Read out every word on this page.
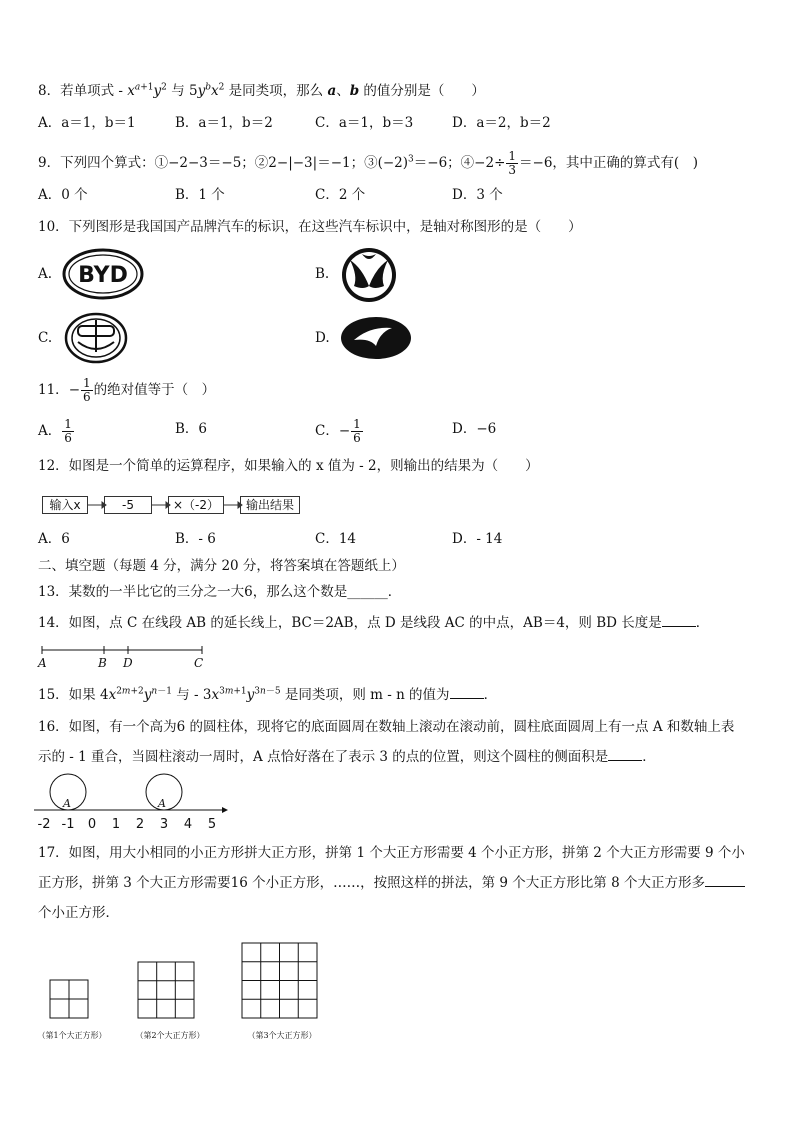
8．若单项式 - $x^{a+1}y^2$ 与 $5y^bx^2$ 是同类项，那么 a、b 的值分别是（　　）
A．a＝1，b＝1	B．a＝1，b＝2	C．a＝1，b＝3	D．a＝2，b＝2
9．下列四个算式：①−2−3＝−5；②2−|−3|＝−1；$③(-2)^3=-6$；④−2÷ $\frac{1}{3} =-6$，其中正确的算式有(　)
A．0 个	B．1 个	C．2 个	D．3 个
10．下列图形是我国国产品牌汽车的标识，在这些汽车标识中，是轴对称图形的是（　　）
A.	B.
C.	D.
BYD
11．− $\frac{1}{6}$ 的绝对值等于（　）
A． $\frac{1}{6}$	B．6	C．− $\frac{1}{6}$	D．−6
12．如图是一个简单的运算程序，如果输入的 x 值为 - 2，则输出的结果为（　　）
输入x	-5	×（-2）	输出结果
A．6	B．- 6	C．14	D．- 14
二、填空题（每题 4 分，满分 20 分，将答案填在答题纸上）
13．某数的一半比它的三分之一大6，那么这个数是______．
14．如图，点 C 在线段 AB 的延长线上，BC＝2AB，点 D 是线段 AC 的中点，AB＝4，则 BD 长度是	．
A	B D	C
15．如果 $4x^{2m+2}y^{n-1}$ 与 - $3x^{3m+1}y^{3n-5}$ 是同类项，则 m - n 的值为	．
16．如图，有一个高为6 的圆柱体，现将它的底面圆周在数轴上滚动在滚动前，圆柱底面圆周上有一点 A 和数轴上表
示的 - 1 重合，当圆柱滚动一周时，A 点恰好落在了表示 3 的点的位置，则这个圆柱的侧面积是	．
A	A
-2 -1 0 1 2 3 4 5
17．如图，用大小相同的小正方形拼大正方形，拼第 1 个大正方形需要 4 个小正方形，拼第 2 个大正方形需要 9 个小
正方形，拼第 3 个大正方形需要16 个小正方形，……，按照这样的拼法，第 9 个大正方形比第 8 个大正方形多
个小正方形．
（第1个大正方形）	（第2个大正方形）	（第3个大正方形）
